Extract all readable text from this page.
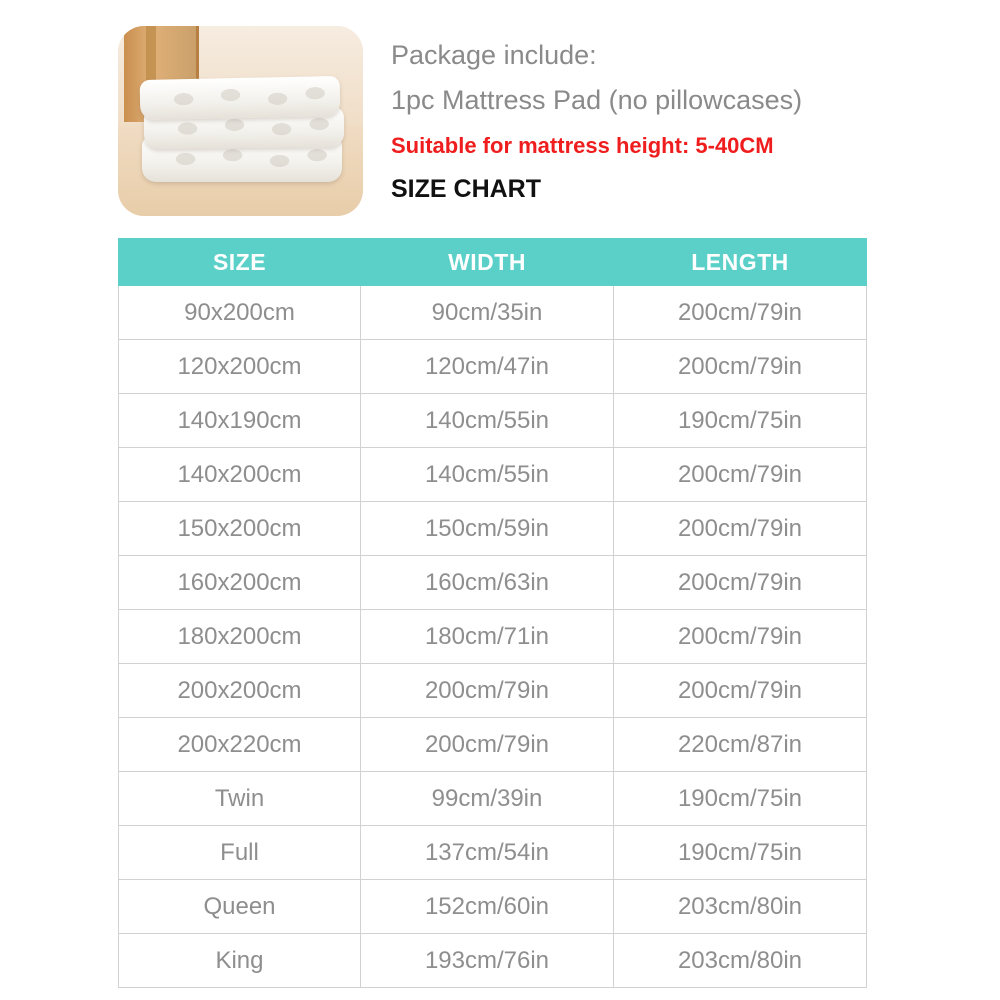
Package include:
1pc Mattress Pad (no pillowcases)
Suitable for mattress height: 5-40CM
SIZE CHART
SIZE	WIDTH	LENGTH
90x200cm	90cm/35in	200cm/79in
120x200cm	120cm/47in	200cm/79in
140x190cm	140cm/55in	190cm/75in
140x200cm	140cm/55in	200cm/79in
150x200cm	150cm/59in	200cm/79in
160x200cm	160cm/63in	200cm/79in
180x200cm	180cm/71in	200cm/79in
200x200cm	200cm/79in	200cm/79in
200x220cm	200cm/79in	220cm/87in
Twin	99cm/39in	190cm/75in
Full	137cm/54in	190cm/75in
Queen	152cm/60in	203cm/80in
King	193cm/76in	203cm/80in
